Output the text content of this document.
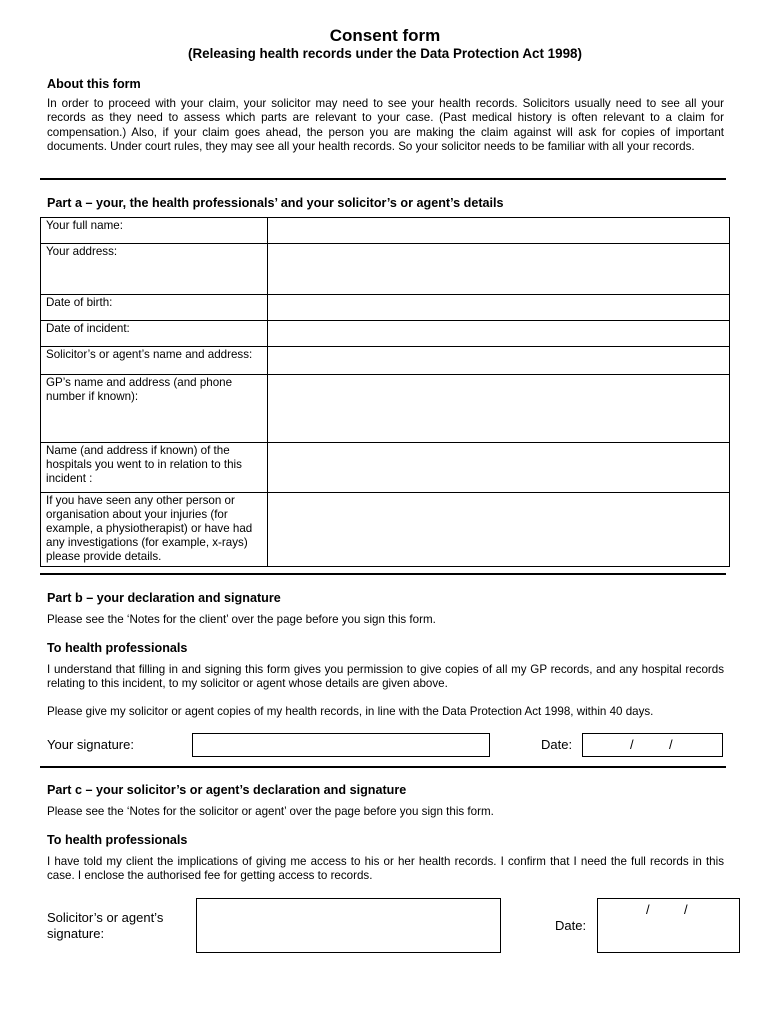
Consent form
(Releasing health records under the Data Protection Act 1998)
About this form
In order to proceed with your claim, your solicitor may need to see your health records. Solicitors usually need to see all your records as they need to assess which parts are relevant to your case. (Past medical history is often relevant to a claim for compensation.) Also, if your claim goes ahead, the person you are making the claim against will ask for copies of important documents. Under court rules, they may see all your health records. So your solicitor needs to be familiar with all your records.
Part a – your, the health professionals’ and your solicitor’s or agent’s details
Your full name:	
Your address:	
Date of birth:	
Date of incident:	
Solicitor’s or agent’s name and address:	
GP’s name and address (and phone number if known):	
Name (and address if known) of the hospitals you went to in relation to this incident :	
If you have seen any other person or organisation about your injuries (for example, a physiotherapist) or have had any investigations (for example, x-rays) please provide details.	
Part b – your declaration and signature
Please see the ‘Notes for the client’ over the page before you sign this form.
To health professionals
I understand that filling in and signing this form gives you permission to give copies of all my GP records, and any hospital records relating to this incident, to my solicitor or agent whose details are given above.
Please give my solicitor or agent copies of my health records, in line with the Data Protection Act 1998, within 40 days.
Your signature:	Date:	/	/
Part c – your solicitor’s or agent’s declaration and signature
Please see the ‘Notes for the solicitor or agent’ over the page before you sign this form.
To health professionals
I have told my client the implications of giving me access to his or her health records. I confirm that I need the full records in this case. I enclose the authorised fee for getting access to records.
Solicitor’s or agent’s
signature:
Date:
/	/
